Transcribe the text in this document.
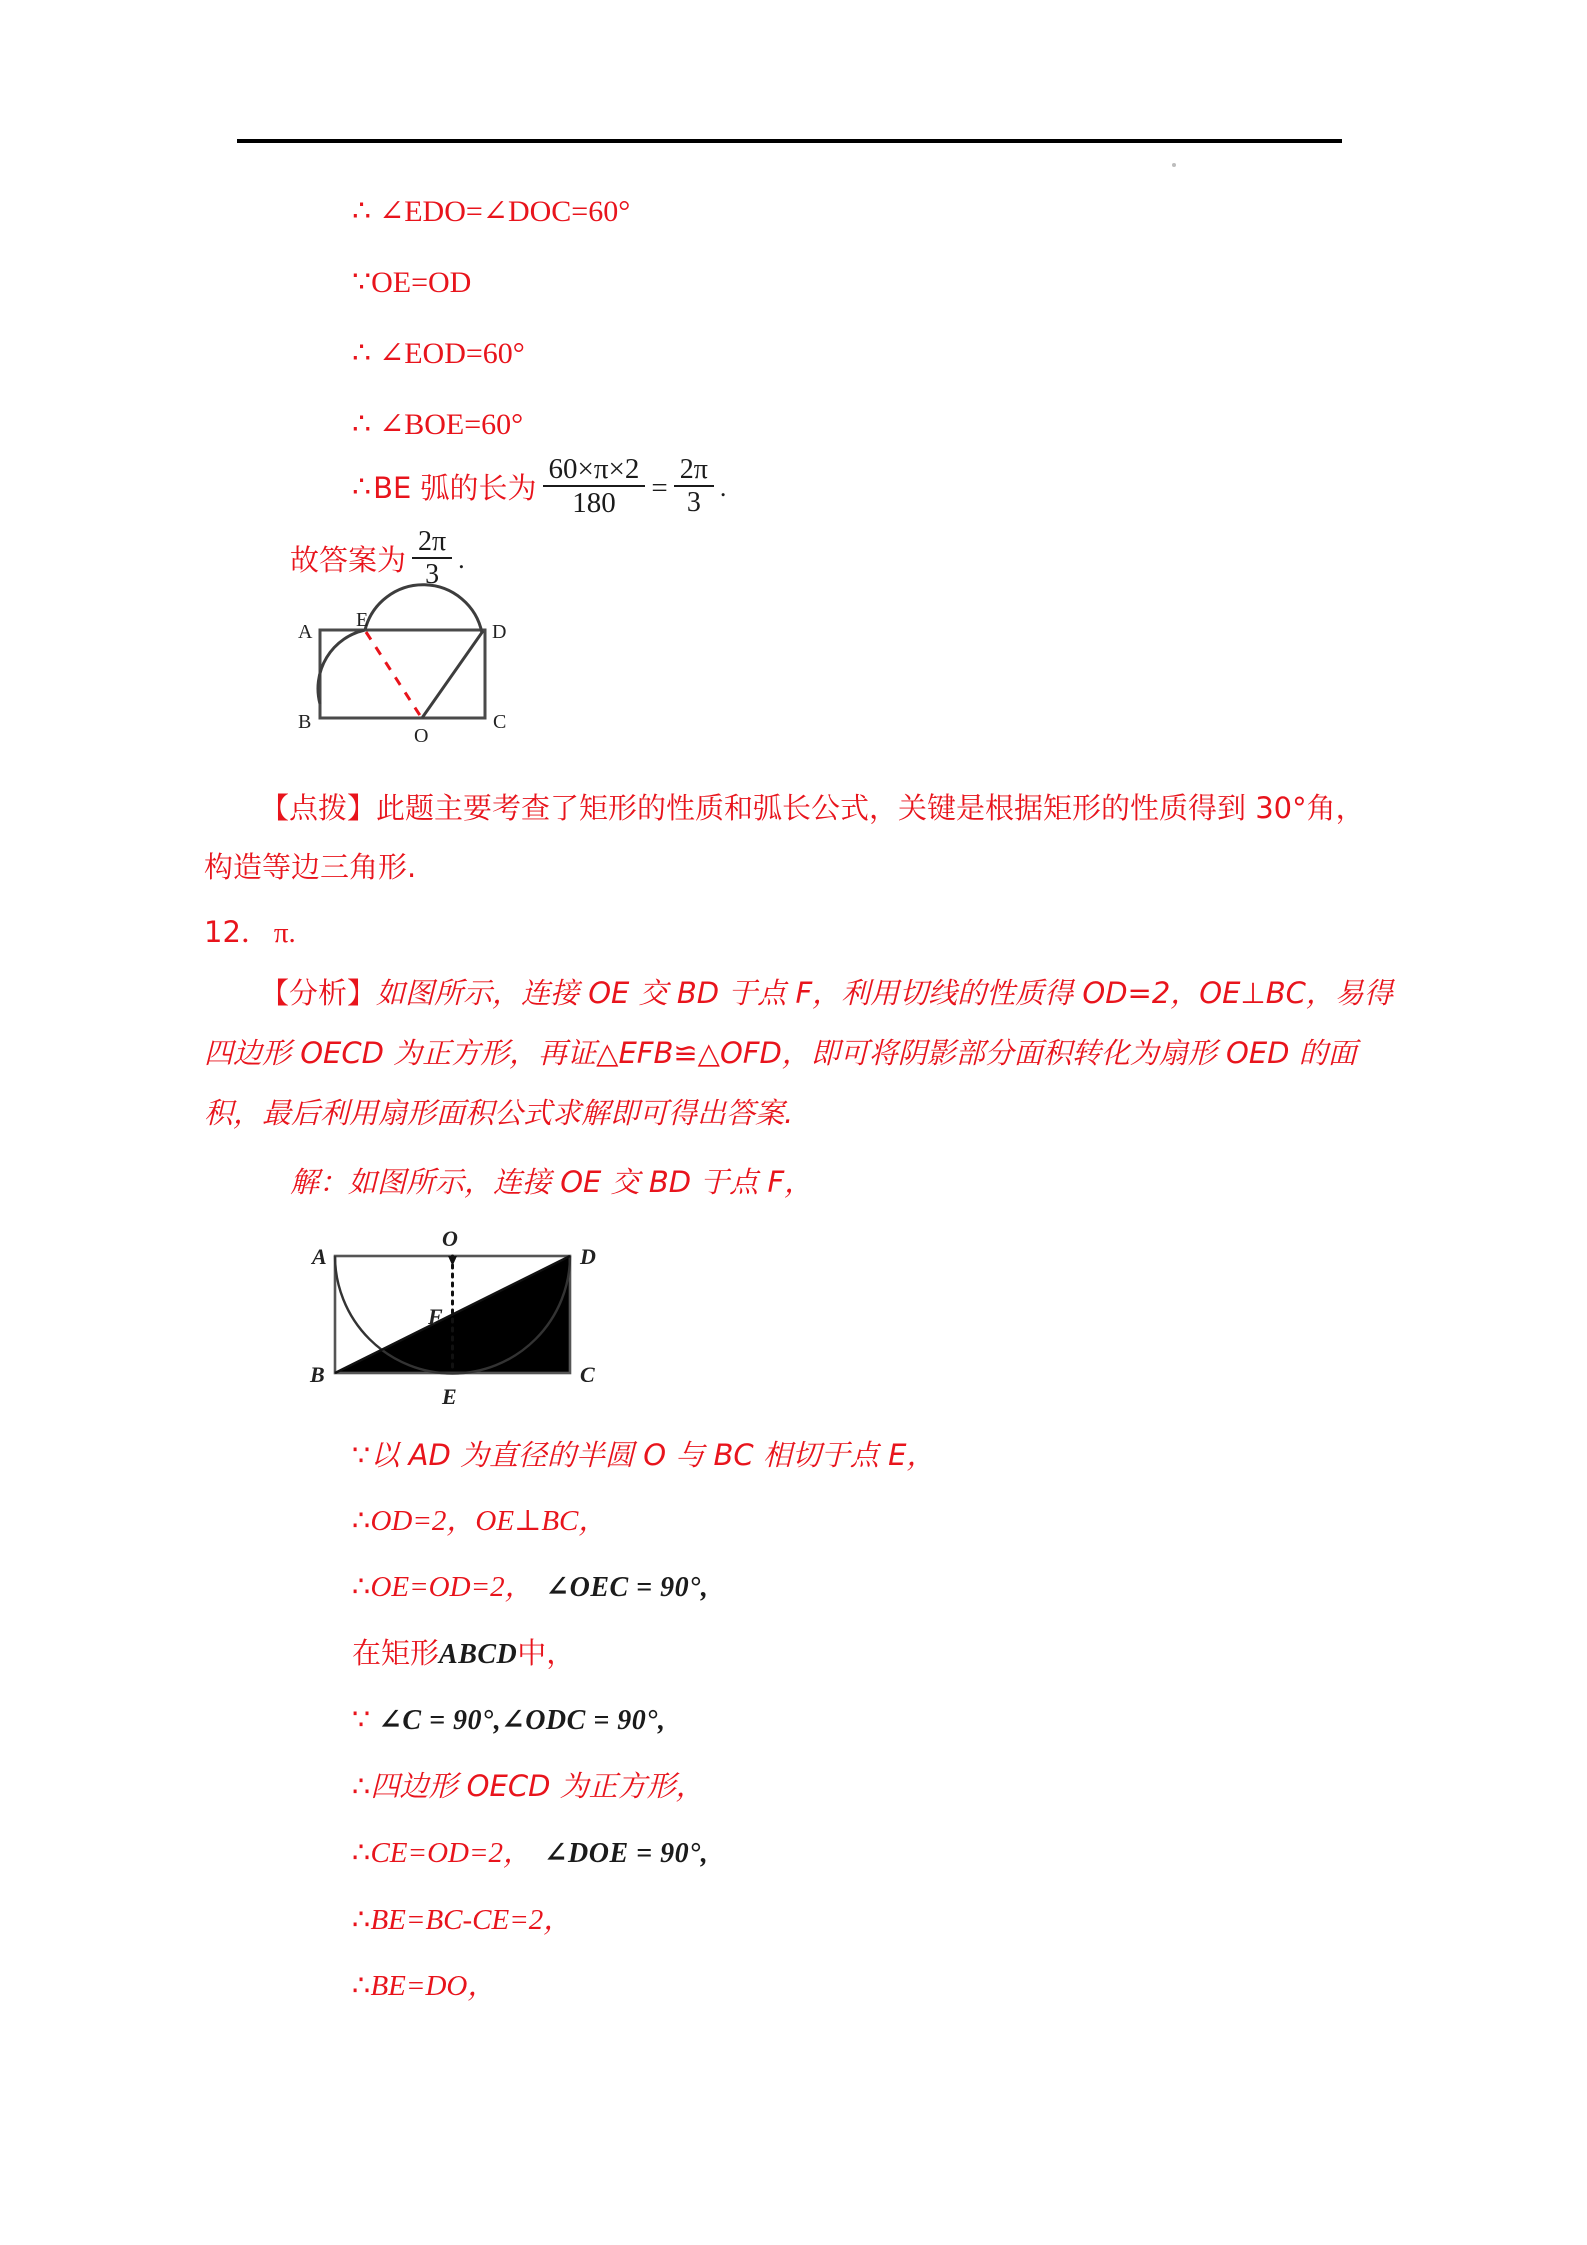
∴ ∠EDO=∠DOC=60°
∵OE=OD
∴ ∠EOD=60°
∴ ∠BOE=60°
∴ BE 弧的长为 $\frac{60\times\pi\times 2}{180} = \frac{2\pi}{3}$ .
故答案为 $\frac{2\pi}{3}$ .
A
B	C
D
E
O
【点拨】此题主要考查了矩形的性质和弧长公式，关键是根据矩形的性质得到 30°角，
构造等边三角形.
12． π.
【分析】如图所示，连接 OE 交 BD 于点 F，利用切线的性质得 OD=2，OE⊥BC，易得
四边形 OECD 为正方形，再证△EFB≌△OFD，即可将阴影部分面积转化为扇形 OED 的面
积，最后利用扇形面积公式求解即可得出答案.
解：如图所示，连接 OE 交 BD 于点 F，
A
B	C
D
E
F
O
∵以 AD 为直径的半圆 O 与 BC 相切于点 E，
∴OD=2，OE⊥BC，
∴ OE=OD=2， ∠OEC = 90°,
在矩形 ABCD 中，
∵ ∠C = 90°,∠ODC = 90°,
∴四边形 OECD 为正方形，
∴ CE=OD=2， ∠DOE = 90°,
∴BE=BC-CE=2，
∴BE=DO，
